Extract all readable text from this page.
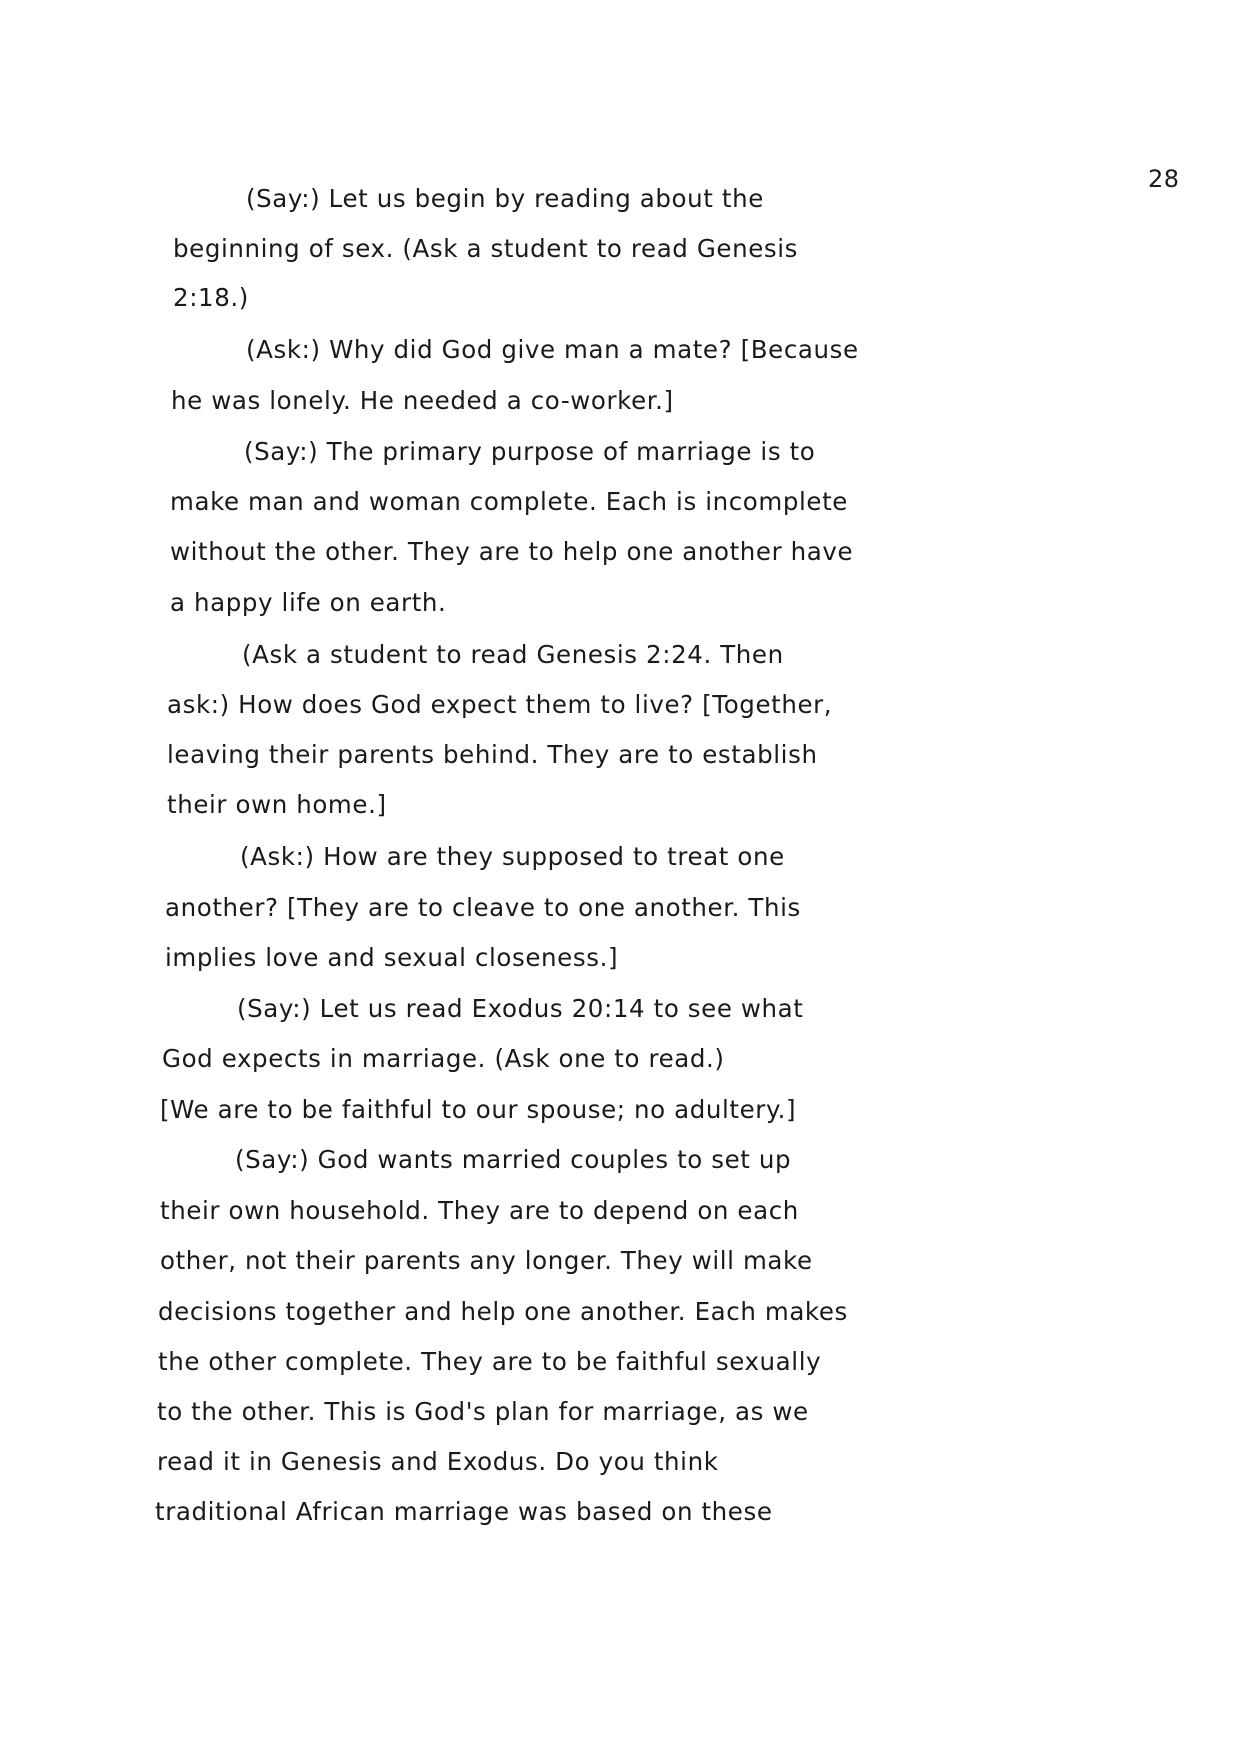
28
(Say:) Let us begin by reading about the
beginning of sex. (Ask a student to read Genesis
2:18.)
(Ask:) Why did God give man a mate? [Because
he was lonely. He needed a co-worker.]
(Say:) The primary purpose of marriage is to
make man and woman complete. Each is incomplete
without the other. They are to help one another have
a happy life on earth.
(Ask a student to read Genesis 2:24. Then
ask:) How does God expect them to live? [Together,
leaving their parents behind. They are to establish
their own home.]
(Ask:) How are they supposed to treat one
another? [They are to cleave to one another. This
implies love and sexual closeness.]
(Say:) Let us read Exodus 20:14 to see what
God expects in marriage. (Ask one to read.)
[We are to be faithful to our spouse; no adultery.]
(Say:) God wants married couples to set up
their own household. They are to depend on each
other, not their parents any longer. They will make
decisions together and help one another. Each makes
the other complete. They are to be faithful sexually
to the other. This is God's plan for marriage, as we
read it in Genesis and Exodus. Do you think
traditional African marriage was based on these
